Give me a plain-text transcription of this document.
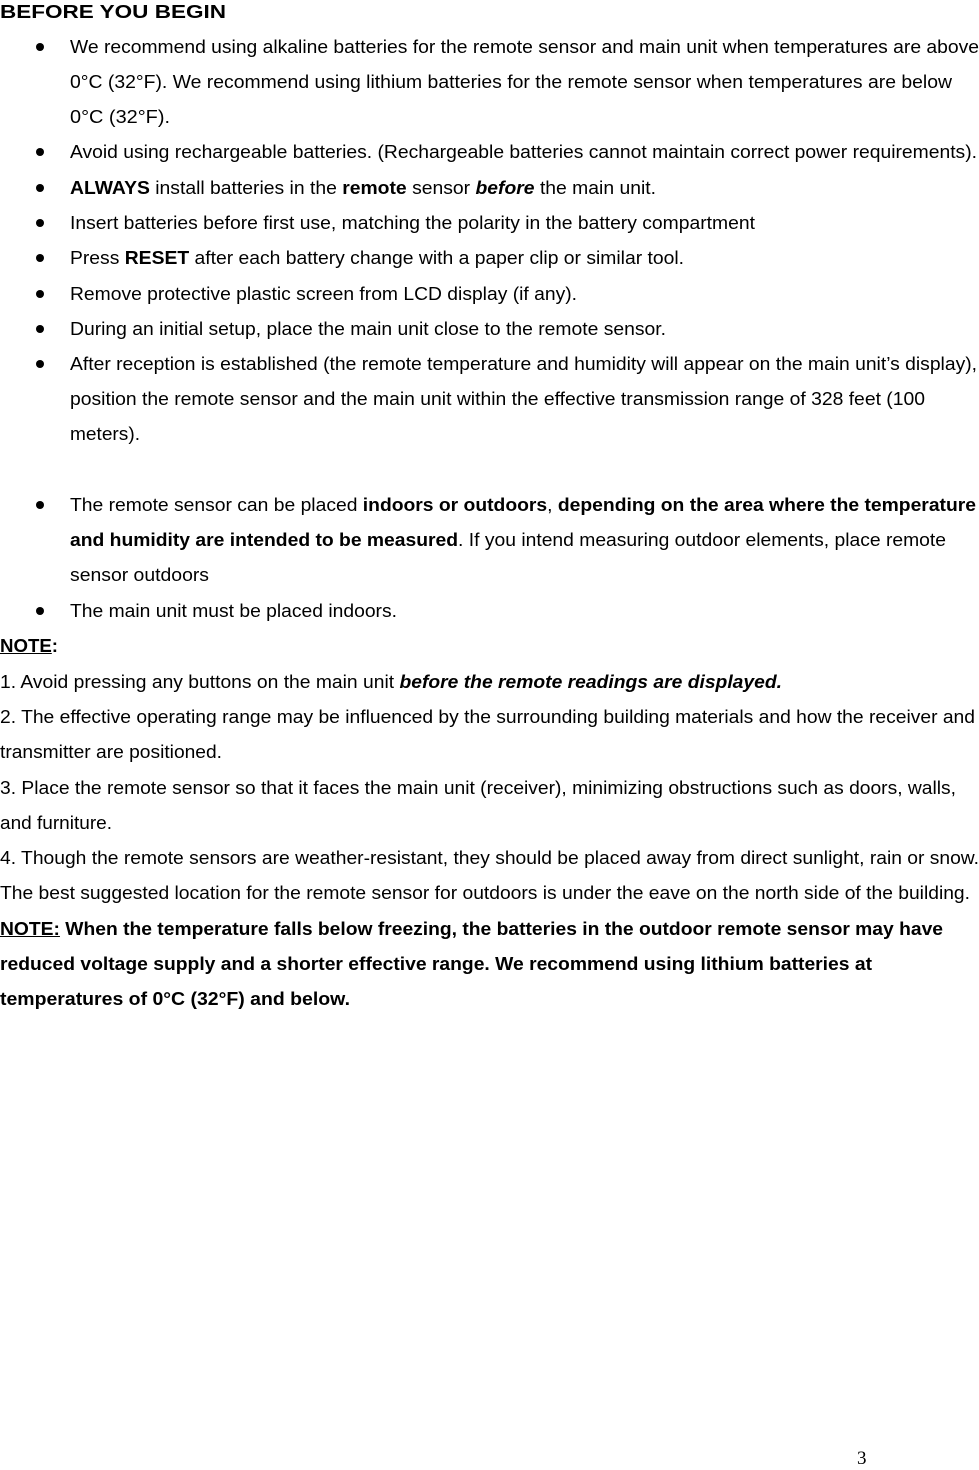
BEFORE YOU BEGIN
We recommend using alkaline batteries for the remote sensor and main unit when temperatures are above
0°C (32°F). We recommend using lithium batteries for the remote sensor when temperatures are below
0°C (32°F).
Avoid using rechargeable batteries. (Rechargeable batteries cannot maintain correct power requirements).
ALWAYS install batteries in the remote sensor before the main unit.
Insert batteries before first use, matching the polarity in the battery compartment
Press RESET after each battery change with a paper clip or similar tool.
Remove protective plastic screen from LCD display (if any).
During an initial setup, place the main unit close to the remote sensor.
After reception is established (the remote temperature and humidity will appear on the main unit’s display),
position the remote sensor and the main unit within the effective transmission range of 328 feet (100
meters).
The remote sensor can be placed indoors or outdoors, depending on the area where the temperature
and humidity are intended to be measured. If you intend measuring outdoor elements, place remote
sensor outdoors
The main unit must be placed indoors.
NOTE:
1. Avoid pressing any buttons on the main unit before the remote readings are displayed.
2. The effective operating range may be influenced by the surrounding building materials and how the receiver and
transmitter are positioned.
3. Place the remote sensor so that it faces the main unit (receiver), minimizing obstructions such as doors, walls,
and furniture.
4. Though the remote sensors are weather-resistant, they should be placed away from direct sunlight, rain or snow.
The best suggested location for the remote sensor for outdoors is under the eave on the north side of the building.
NOTE: When the temperature falls below freezing, the batteries in the outdoor remote sensor may have
reduced voltage supply and a shorter effective range. We recommend using lithium batteries at
temperatures of 0°C (32°F) and below.
3
